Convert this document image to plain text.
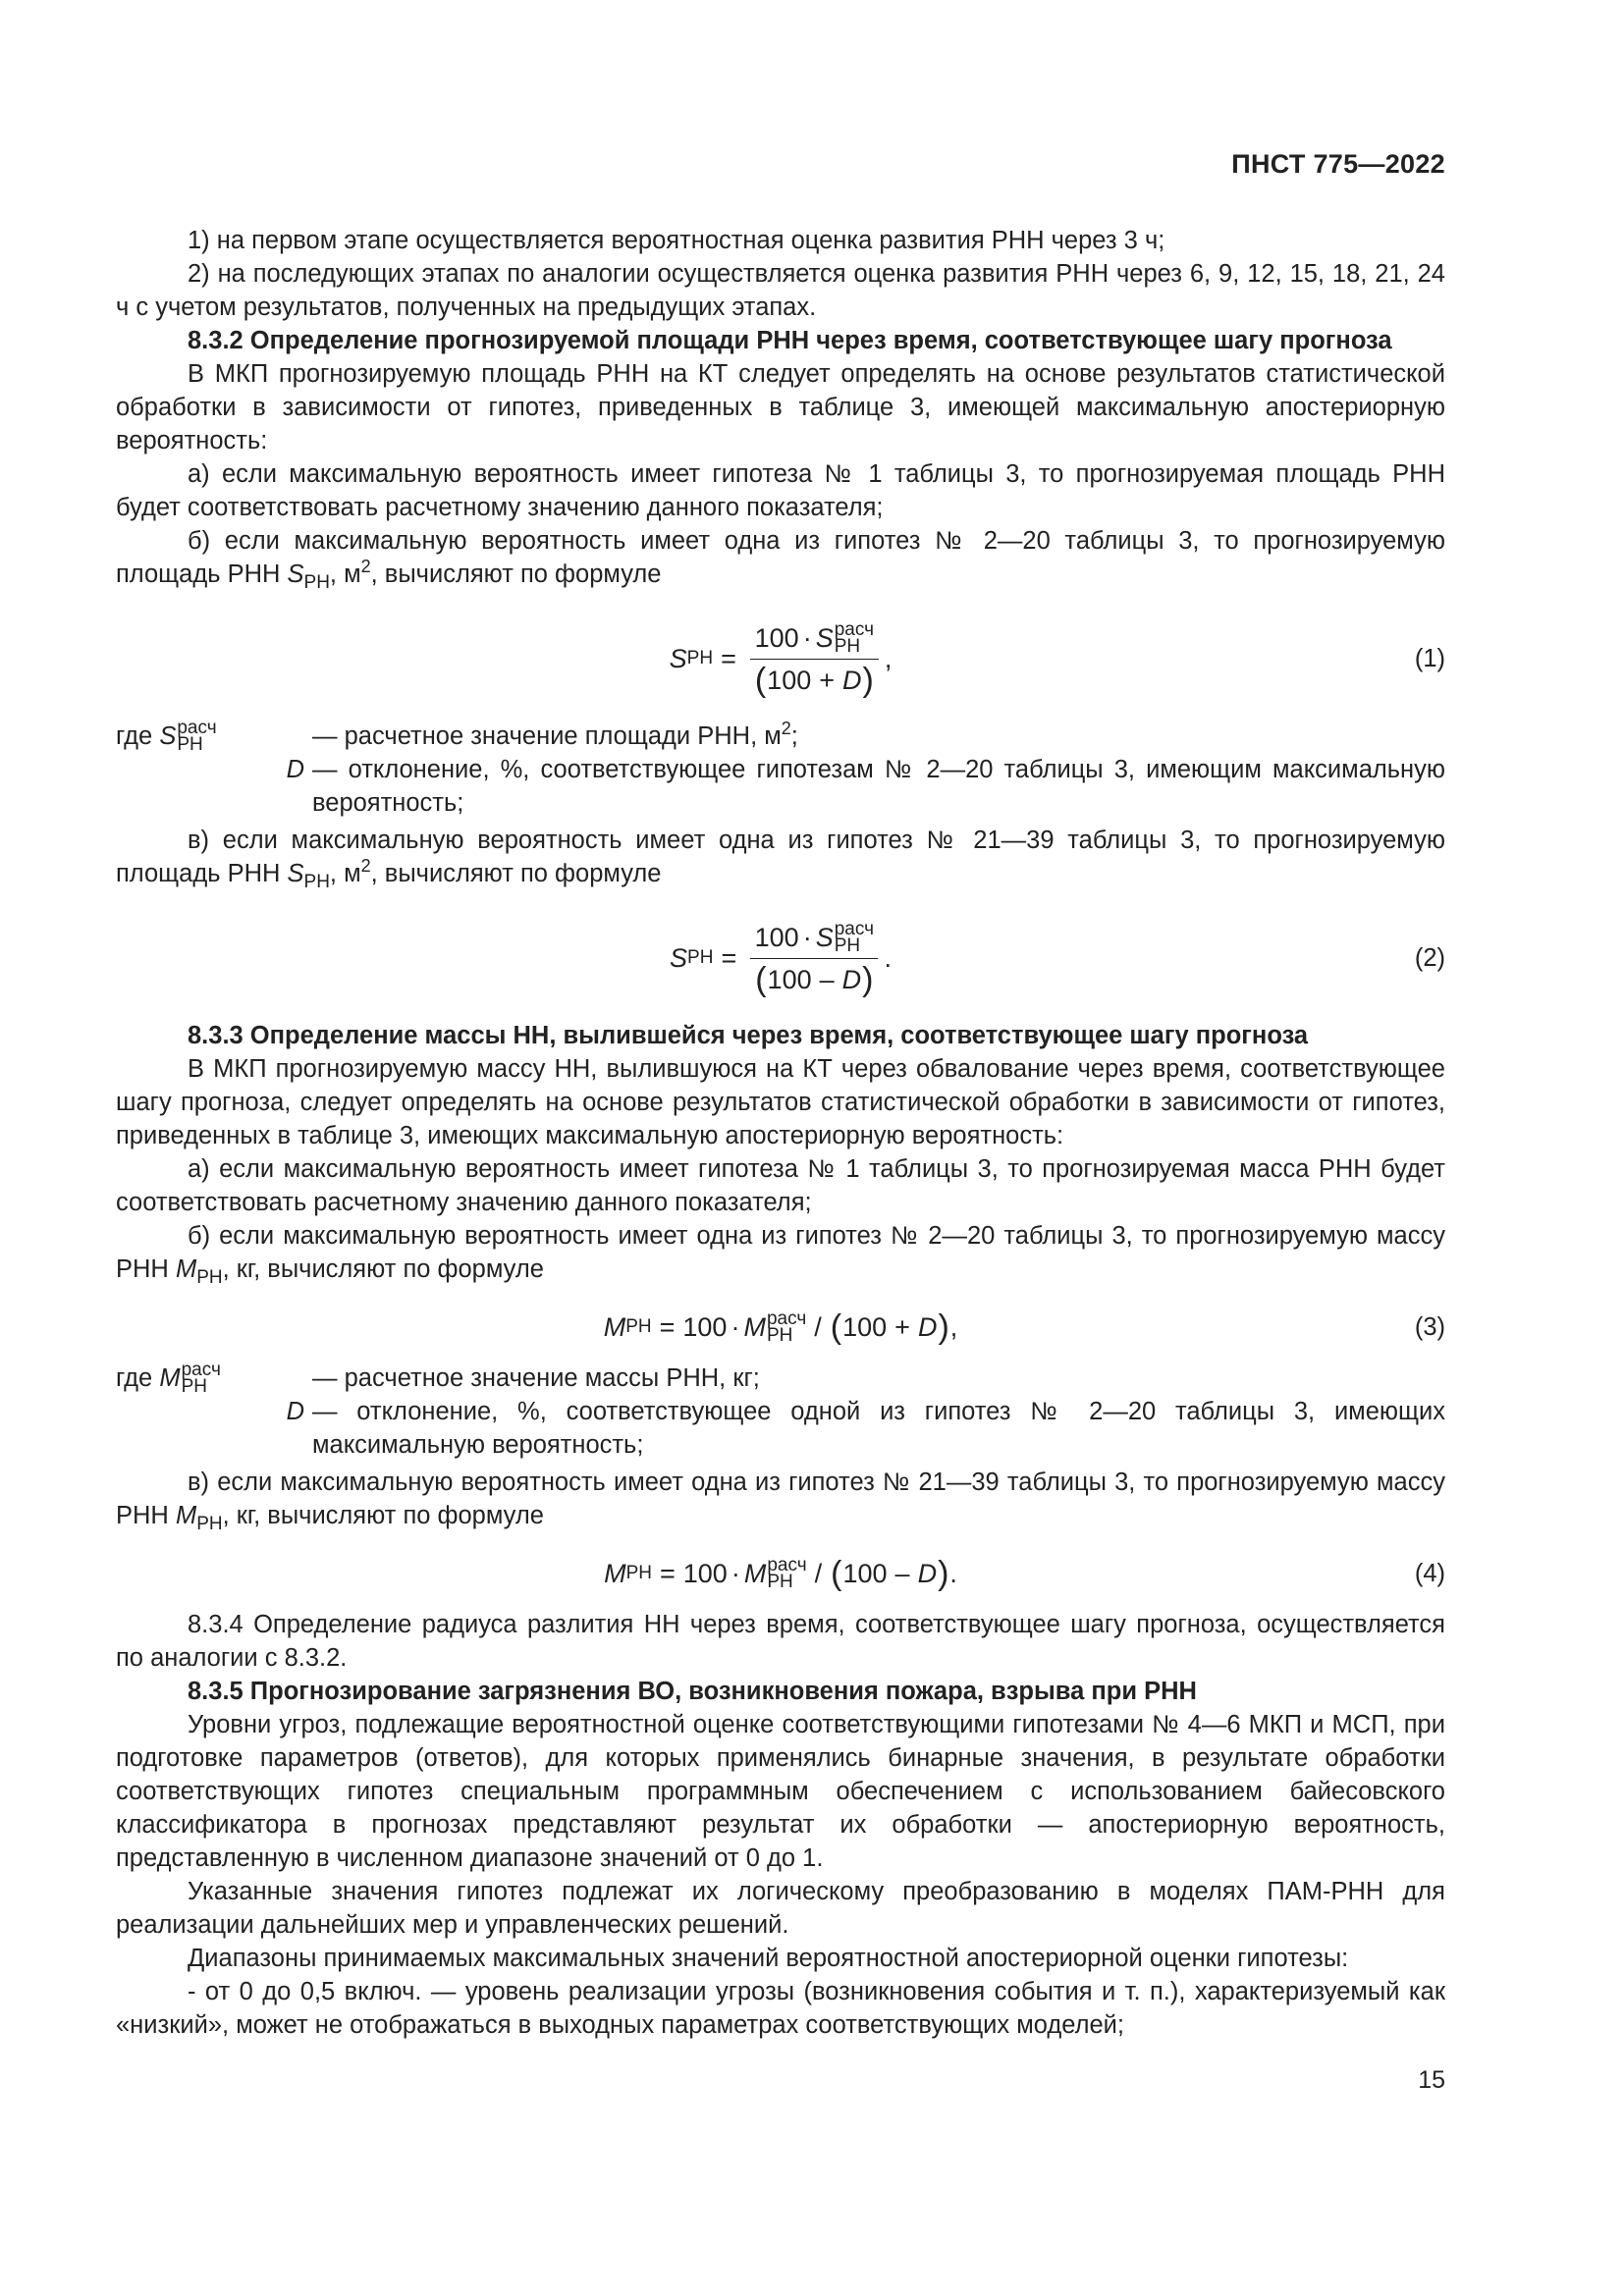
ПНСТ 775—2022

1) на первом этапе осуществляется вероятностная оценка развития РНН через 3 ч;

2) на последующих этапах по аналогии осуществляется оценка развития РНН через 6, 9, 12, 15, 18, 21, 24 ч с учетом результатов, полученных на предыдущих этапах.

8.3.2 Определение прогнозируемой площади РНН через время, соответствующее шагу прогноза

В МКП прогнозируемую площадь РНН на КТ следует определять на основе результатов статистической обработки в зависимости от гипотез, приведенных в таблице 3, имеющей максимальную апостериорную вероятность:

а) если максимальную вероятность имеет гипотеза № 1 таблицы 3, то прогнозируемая площадь РНН будет соответствовать расчетному значению данного показателя;

б) если максимальную вероятность имеет одна из гипотез № 2—20 таблицы 3, то прогнозируемую площадь РНН $S_{РН}$, $м^2$, вычисляют по формуле

S РН = 100 · S расч
РН
( 100 + D ) ,	(1)
где
S расч
РН	— расчетное значение площади РНН, $м^2$;
D — отклонение, %, соответствующее гипотезам № 2—20 таблицы 3, имеющим максимальную вероятность;

в) если максимальную вероятность имеет одна из гипотез № 21—39 таблицы 3, то прогнозируемую площадь РНН $S_{РН}$, $м^2$, вычисляют по формуле

S РН = 100 · S расч
РН
( 100 – D ) .	(2)

8.3.3 Определение массы НН, вылившейся через время, соответствующее шагу прогноза

В МКП прогнозируемую массу НН, вылившуюся на КТ через обвалование через время, соответствующее шагу прогноза, следует определять на основе результатов статистической обработки в зависимости от гипотез, приведенных в таблице 3, имеющих максимальную апостериорную вероятность:

а) если максимальную вероятность имеет гипотеза № 1 таблицы 3, то прогнозируемая масса РНН будет соответствовать расчетному значению данного показателя;

б) если максимальную вероятность имеет одна из гипотез № 2—20 таблицы 3, то прогнозируемую массу РНН $M_{РН}$, кг, вычисляют по формуле

M РН = 100 · M расч
РН / ( 100 + D ) ,	(3)
где
M расч
РН	— расчетное значение массы РНН, кг;
D — отклонение, %, соответствующее одной из гипотез № 2—20 таблицы 3, имеющих максимальную вероятность;

в) если максимальную вероятность имеет одна из гипотез № 21—39 таблицы 3, то прогнозируемую массу РНН $M_{РН}$, кг, вычисляют по формуле

M РН = 100 · M расч
РН / ( 100 – D ) .	(4)

8.3.4 Определение радиуса разлития НН через время, соответствующее шагу прогноза, осуществляется по аналогии с 8.3.2.

8.3.5 Прогнозирование загрязнения ВО, возникновения пожара, взрыва при РНН

Уровни угроз, подлежащие вероятностной оценке соответствующими гипотезами № 4—6 МКП и МСП, при подготовке параметров (ответов), для которых применялись бинарные значения, в результате обработки соответствующих гипотез специальным программным обеспечением с использованием байесовского классификатора в прогнозах представляют результат их обработки — апостериорную вероятность, представленную в численном диапазоне значений от 0 до 1.

Указанные значения гипотез подлежат их логическому преобразованию в моделях ПАМ-РНН для реализации дальнейших мер и управленческих решений.

Диапазоны принимаемых максимальных значений вероятностной апостериорной оценки гипотезы:

- от 0 до 0,5 включ. — уровень реализации угрозы (возникновения события и т. п.), характеризуемый как «низкий», может не отображаться в выходных параметрах соответствующих моделей;

15
